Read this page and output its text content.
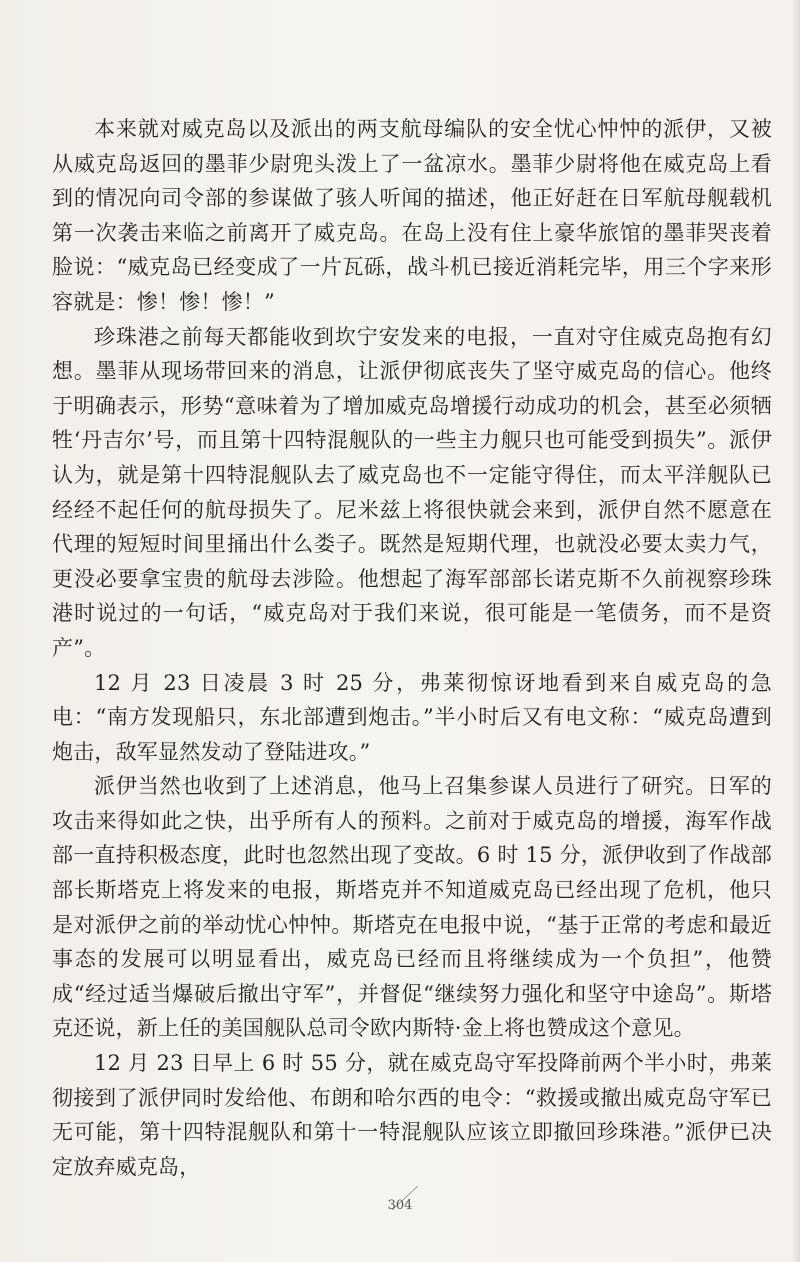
本来就对威克岛以及派出的两支航母编队的安全忧心忡忡的派伊，又被从威克岛返回的墨菲少尉兜头泼上了一盆凉水。墨菲少尉将他在威克岛上看到的情况向司令部的参谋做了骇人听闻的描述，他正好赶在日军航母舰载机第一次袭击来临之前离开了威克岛。在岛上没有住上豪华旅馆的墨菲哭丧着脸说：“威克岛已经变成了一片瓦砾，战斗机已接近消耗完毕，用三个字来形容就是：惨！惨！惨！”

珍珠港之前每天都能收到坎宁安发来的电报，一直对守住威克岛抱有幻想。墨菲从现场带回来的消息，让派伊彻底丧失了坚守威克岛的信心。他终于明确表示，形势“意味着为了增加威克岛增援行动成功的机会，甚至必须牺牲‘丹吉尔’号，而且第十四特混舰队的一些主力舰只也可能受到损失”。派伊认为，就是第十四特混舰队去了威克岛也不一定能守得住，而太平洋舰队已经经不起任何的航母损失了。尼米兹上将很快就会来到，派伊自然不愿意在代理的短短时间里捅出什么娄子。既然是短期代理，也就没必要太卖力气，更没必要拿宝贵的航母去涉险。他想起了海军部部长诺克斯不久前视察珍珠港时说过的一句话，“威克岛对于我们来说，很可能是一笔债务，而不是资产”。

12 月 23 日凌晨 3 时 25 分，弗莱彻惊讶地看到来自威克岛的急电：“南方发现船只，东北部遭到炮击。”半小时后又有电文称：“威克岛遭到炮击，敌军显然发动了登陆进攻。”

派伊当然也收到了上述消息，他马上召集参谋人员进行了研究。日军的攻击来得如此之快，出乎所有人的预料。之前对于威克岛的增援，海军作战部一直持积极态度，此时也忽然出现了变故。6 时 15 分，派伊收到了作战部部长斯塔克上将发来的电报，斯塔克并不知道威克岛已经出现了危机，他只是对派伊之前的举动忧心忡忡。斯塔克在电报中说，“基于正常的考虑和最近事态的发展可以明显看出，威克岛已经而且将继续成为一个负担”，他赞成“经过适当爆破后撤出守军”，并督促“继续努力强化和坚守中途岛”。斯塔克还说，新上任的美国舰队总司令欧内斯特·金上将也赞成这个意见。

12 月 23 日早上 6 时 55 分，就在威克岛守军投降前两个半小时，弗莱彻接到了派伊同时发给他、布朗和哈尔西的电令：“救援或撤出威克岛守军已无可能，第十四特混舰队和第十一特混舰队应该立即撤回珍珠港。”派伊已决定放弃威克岛，

304
